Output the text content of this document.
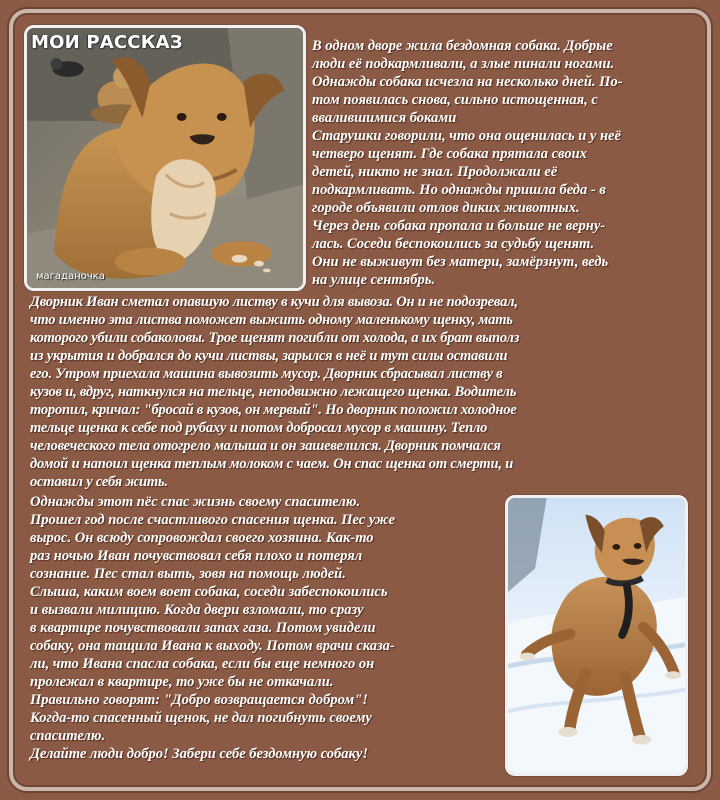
МОИ РАССКАЗ
магаданочка
В одном дворе жила бездомная собака. Добрые
люди её подкармливали, а злые пинали ногами.
Однажды собака исчезла на несколько дней. По-
том появилась снова, сильно истощенная, с
ввалившимися боками
Старушки говорили, что она ощенилась и у неё
четверо щенят. Где собака прятала своих
детей, никто не знал. Продолжали её
подкармливать. Но однажды пришла беда - в
городе объявили отлов диких животных.
Через день собака пропала и больше не верну-
лась. Соседи беспокоились за судьбу щенят.
Они не выживут без матери, замёрзнут, ведь
на улице сентябрь.
Дворник Иван сметал опавшую листву в кучи для вывоза. Он и не подозревал,
что именно эта листва поможет выжить одному маленькому щенку, мать
которого убили собаколовы. Трое щенят погибли от холода, а их брат выполз
из укрытия и добрался до кучи листвы, зарылся в неё и тут силы оставили
его. Утром приехала машина вывозить мусор. Дворник сбрасывал листву в
кузов и, вдруг, наткнулся на тельце, неподвижно лежащего щенка. Водитель
торопил, кричал: "бросай в кузов, он мервый". Но дворник положил холодное
тельце щенка к себе под рубаху и потом добросал мусор в машину. Тепло
человеческого тела отогрело малыша и он зашевелился. Дворник помчался
домой и напоил щенка теплым молоком с чаем. Он спас щенка от смерти, и
оставил у себя жить.
Однажды этот пёс спас жизнь своему спасителю.
Прошел год после счастливого спасения щенка. Пес уже
вырос. Он всюду сопровождал своего хозяина. Как-то
раз ночью Иван почувствовал себя плохо и потерял
сознание. Пес стал выть, зовя на помощь людей.
Слыша, каким воем воет собака, соседи забеспокоились
и вызвали милицию. Когда двери взломали, то сразу
в квартире почувствовали запах газа. Потом увидели
собаку, она тащила Ивана к выходу. Потом врачи сказа-
ли, что Ивана спасла собака, если бы еще немного он
пролежал в квартире, то уже бы не откачали.
Правильно говорят: "Добро возвращается добром"!
Когда-то спасенный щенок, не дал погибнуть своему
спасителю.
Делайте люди добро! Забери себе бездомную собаку!
